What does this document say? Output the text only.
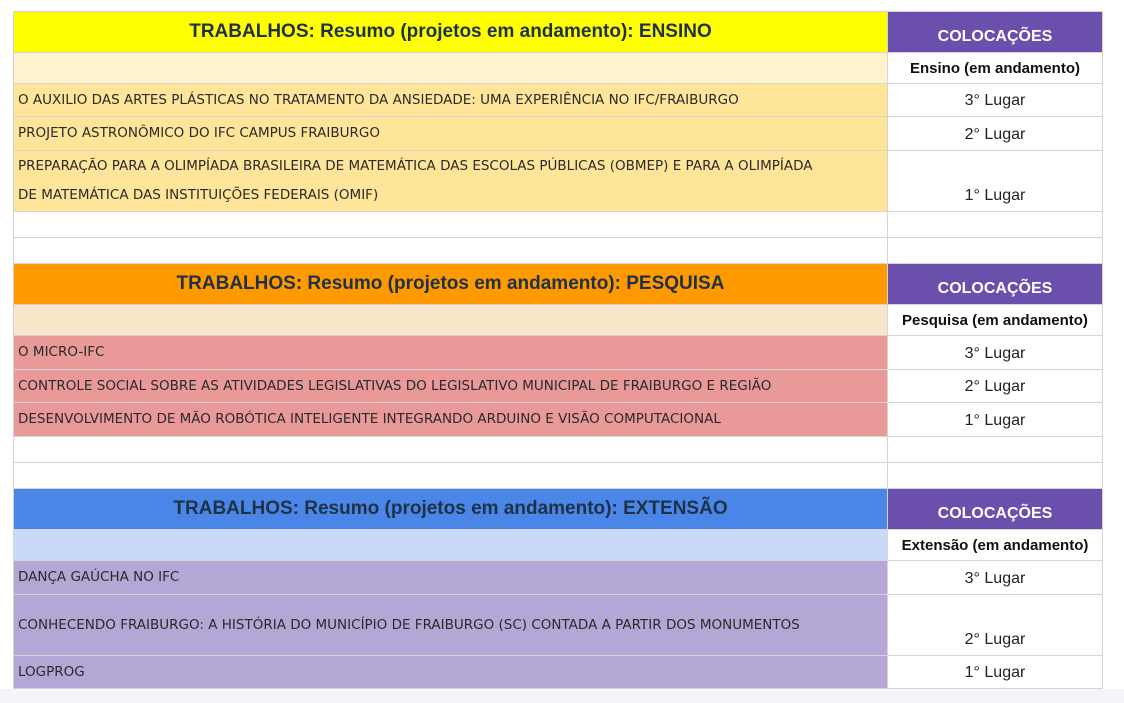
TRABALHOS: Resumo (projetos em andamento): ENSINO	COLOCAÇÕES
	Ensino (em andamento)
O AUXILIO DAS ARTES PLÁSTICAS NO TRATAMENTO DA ANSIEDADE: UMA EXPERIÊNCIA NO IFC/FRAIBURGO	3° Lugar
PROJETO ASTRONÔMICO DO IFC CAMPUS FRAIBURGO	2° Lugar
PREPARAÇÃO PARA A OLIMPÍADA BRASILEIRA DE MATEMÁTICA DAS ESCOLAS PÚBLICAS (OBMEP) E PARA A OLIMPÍADA DE MATEMÁTICA DAS INSTITUIÇÕES FEDERAIS (OMIF)	1° Lugar

TRABALHOS: Resumo (projetos em andamento): PESQUISA	COLOCAÇÕES
	Pesquisa (em andamento)
O MICRO-IFC	3° Lugar
CONTROLE SOCIAL SOBRE AS ATIVIDADES LEGISLATIVAS DO LEGISLATIVO MUNICIPAL DE FRAIBURGO E REGIÃO	2° Lugar
DESENVOLVIMENTO DE MÃO ROBÓTICA INTELIGENTE INTEGRANDO ARDUINO E VISÃO COMPUTACIONAL	1° Lugar

TRABALHOS: Resumo (projetos em andamento): EXTENSÃO	COLOCAÇÕES
	Extensão (em andamento)
DANÇA GAÚCHA NO IFC	3° Lugar
CONHECENDO FRAIBURGO: A HISTÓRIA DO MUNICÍPIO DE FRAIBURGO (SC) CONTADA A PARTIR DOS MONUMENTOS	2° Lugar
LOGPROG	1° Lugar
